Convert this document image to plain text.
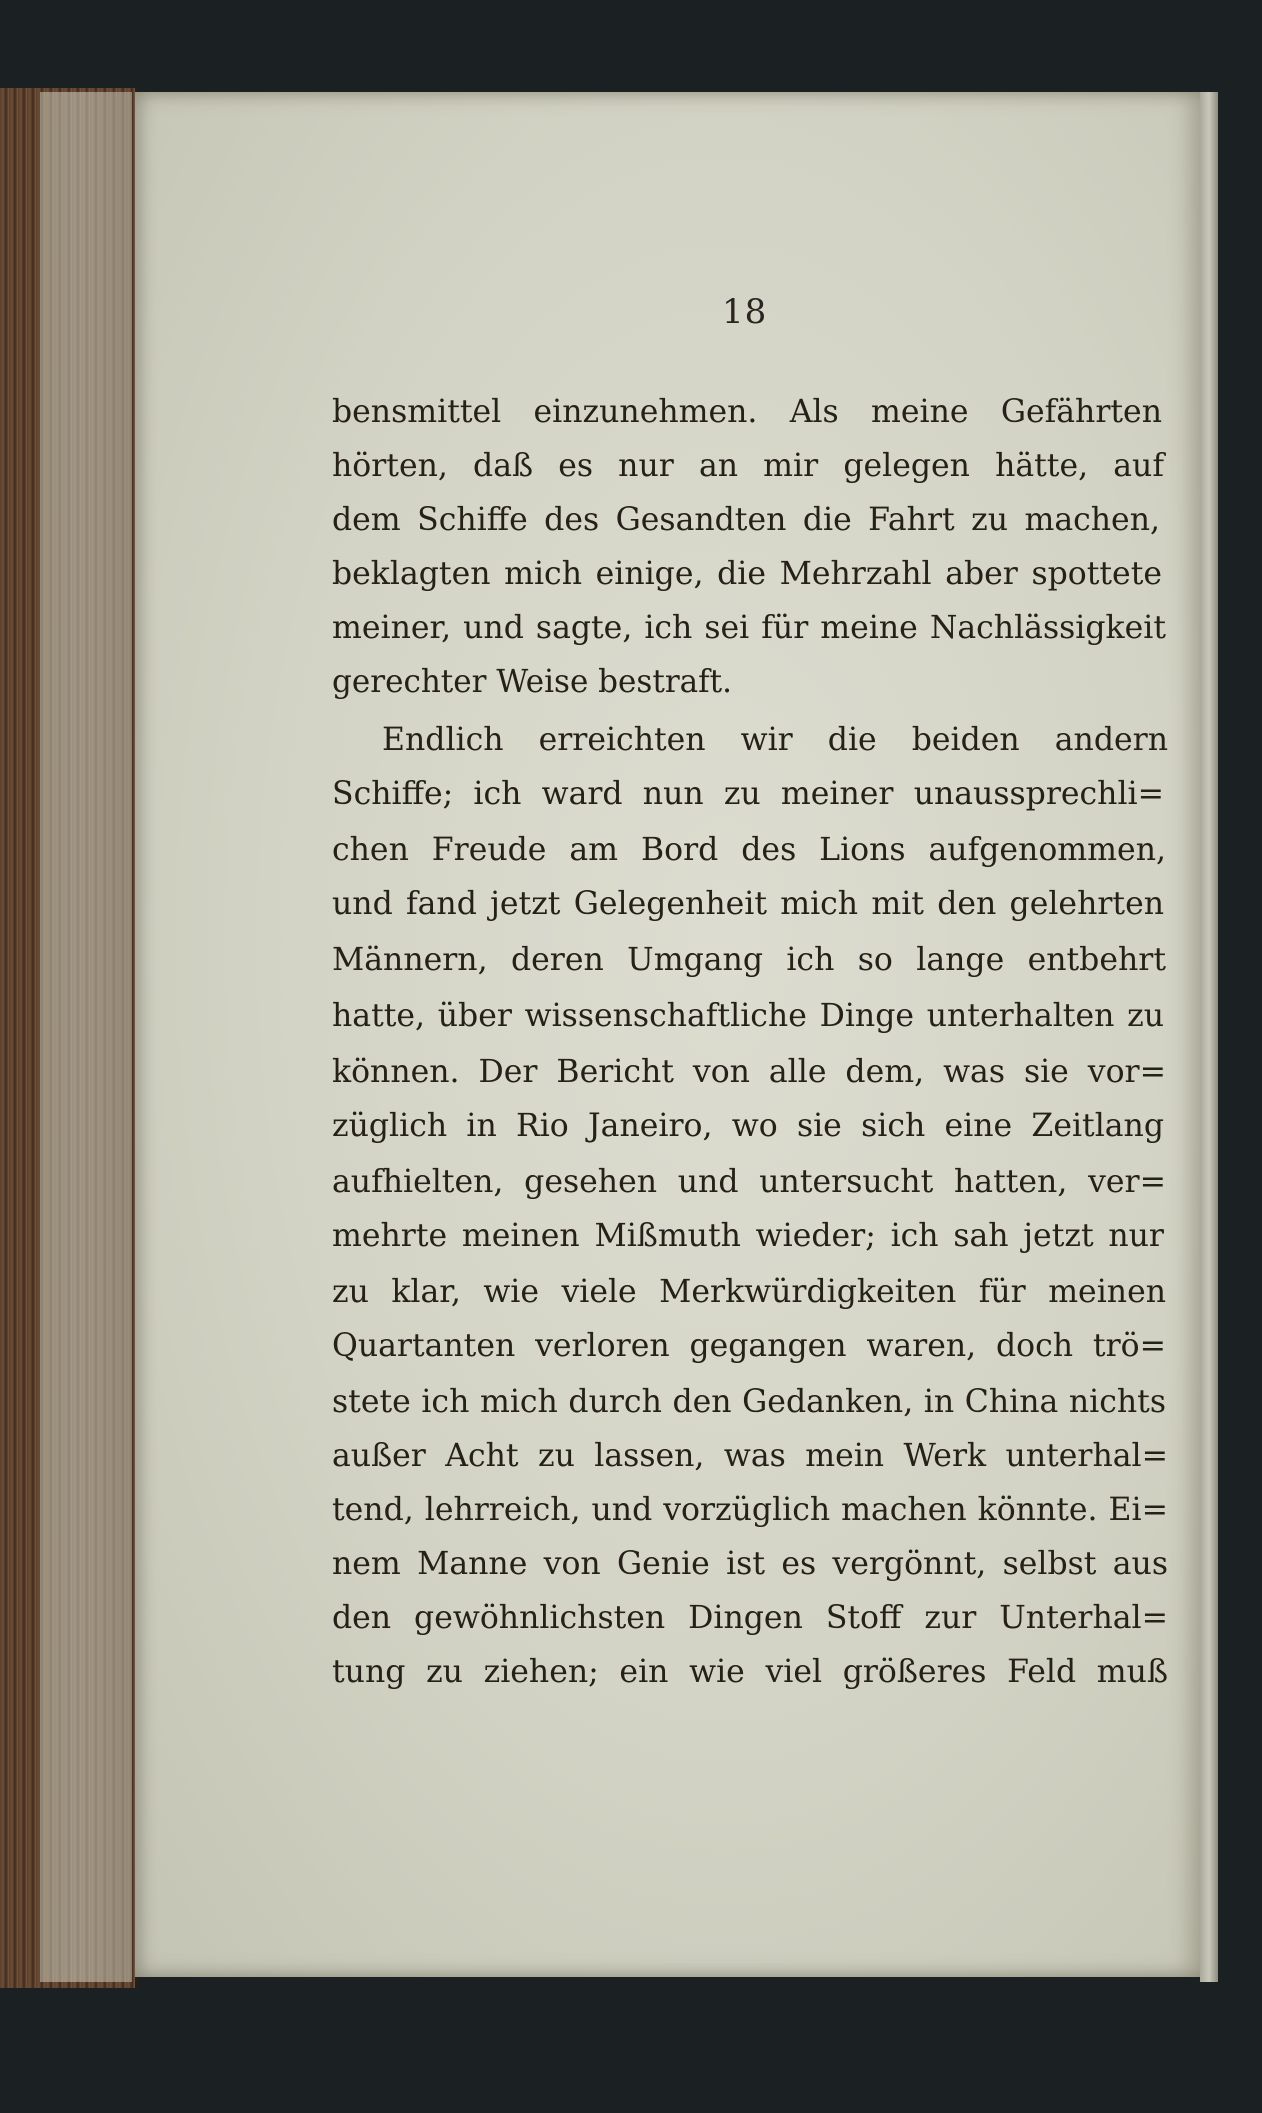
18
bensmittel einzunehmen. Als meine Gefährten
hörten, daß es nur an mir gelegen hätte, auf
dem Schiffe des Gesandten die Fahrt zu machen,
beklagten mich einige, die Mehrzahl aber spottete
meiner, und sagte, ich sei für meine Nachlässigkeit
gerechter Weise bestraft.
Endlich erreichten wir die beiden andern
Schiffe; ich ward nun zu meiner unaussprechli=
chen Freude am Bord des Lions aufgenommen,
und fand jetzt Gelegenheit mich mit den gelehrten
Männern, deren Umgang ich so lange entbehrt
hatte, über wissenschaftliche Dinge unterhalten zu
können. Der Bericht von alle dem, was sie vor=
züglich in Rio Janeiro, wo sie sich eine Zeitlang
aufhielten, gesehen und untersucht hatten, ver=
mehrte meinen Mißmuth wieder; ich sah jetzt nur
zu klar, wie viele Merkwürdigkeiten für meinen
Quartanten verloren gegangen waren, doch trö=
stete ich mich durch den Gedanken, in China nichts
außer Acht zu lassen, was mein Werk unterhal=
tend, lehrreich, und vorzüglich machen könnte. Ei=
nem Manne von Genie ist es vergönnt, selbst aus
den gewöhnlichsten Dingen Stoff zur Unterhal=
tung zu ziehen; ein wie viel größeres Feld muß
